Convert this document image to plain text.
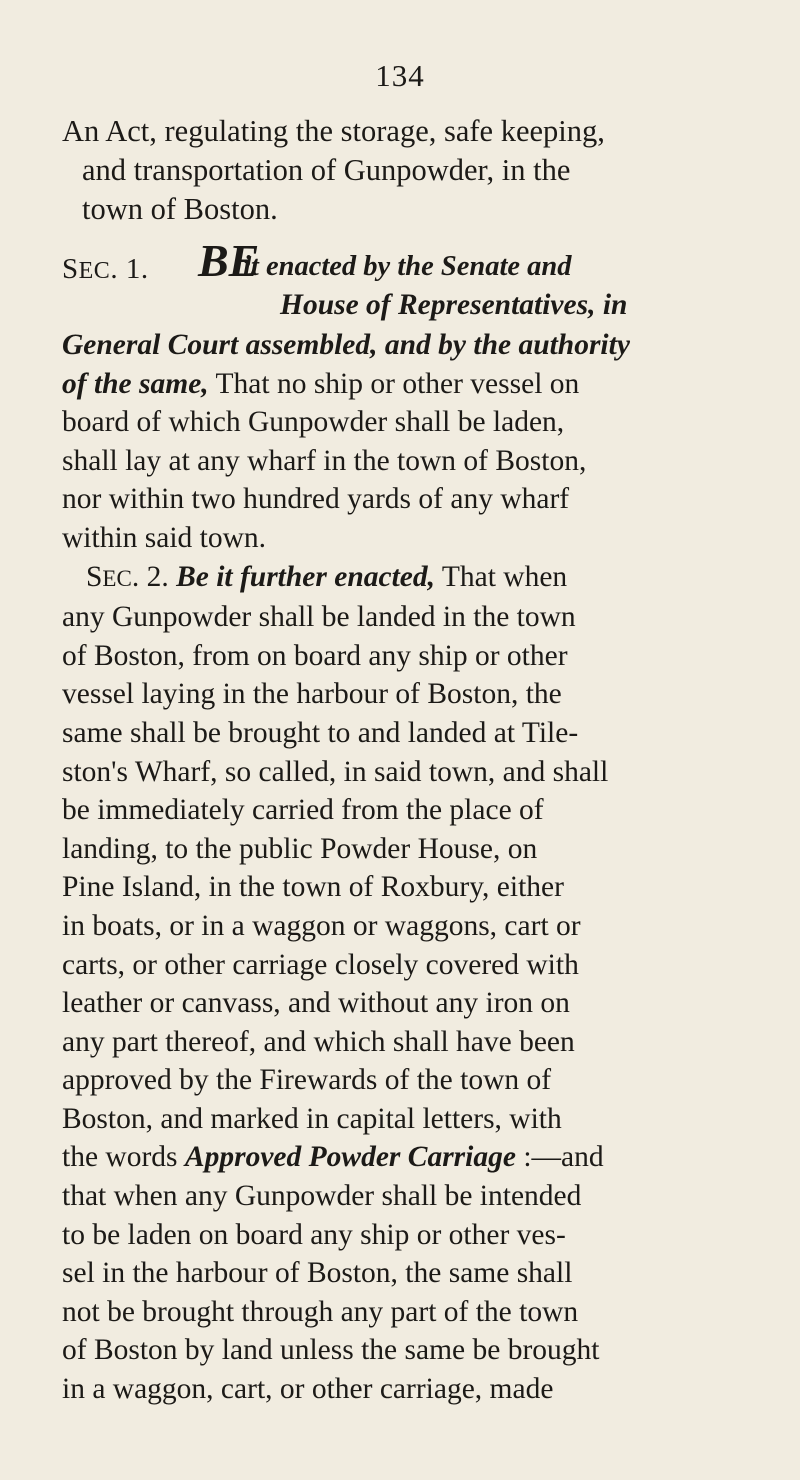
134
An Act, regulating the storage, safe keeping,
and transportation of Gunpowder, in the
town of Boston.
SEC. 1. BE
it enacted by the Senate and
House of Representatives, in
General Court assembled, and by the authority
of the same, That no ship or other vessel on
board of which Gunpowder shall be laden,
shall lay at any wharf in the town of Boston,
nor within two hundred yards of any wharf
within said town.
SEC. 2. Be it further enacted, That when
any Gunpowder shall be landed in the town
of Boston, from on board any ship or other
vessel laying in the harbour of Boston, the
same shall be brought to and landed at Tile-
ston's Wharf, so called, in said town, and shall
be immediately carried from the place of
landing, to the public Powder House, on
Pine Island, in the town of Roxbury, either
in boats, or in a waggon or waggons, cart or
carts, or other carriage closely covered with
leather or canvass, and without any iron on
any part thereof, and which shall have been
approved by the Firewards of the town of
Boston, and marked in capital letters, with
the words Approved Powder Carriage :—and
that when any Gunpowder shall be intended
to be laden on board any ship or other ves-
sel in the harbour of Boston, the same shall
not be brought through any part of the town
of Boston by land unless the same be brought
in a waggon, cart, or other carriage, made
